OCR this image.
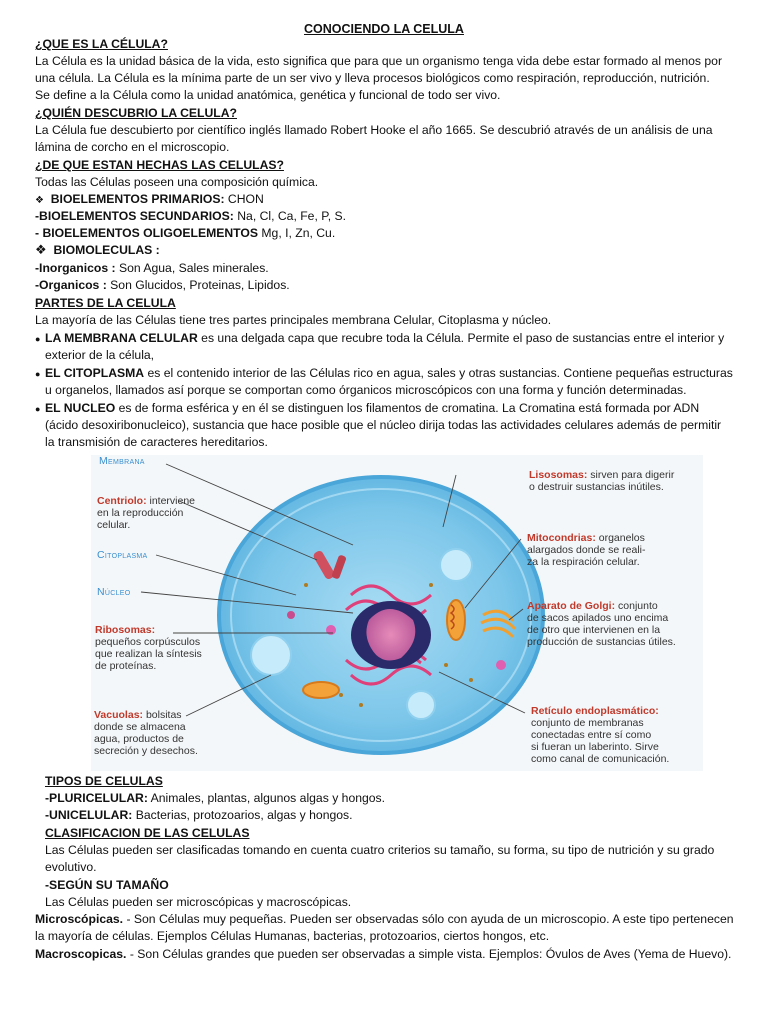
CONOCIENDO LA CELULA
¿QUE ES LA CÉLULA?
La Célula es la unidad básica de la vida, esto significa que para que un organismo tenga vida debe estar formado al menos por
una célula. La Célula es la mínima parte de un ser vivo y lleva procesos biológicos como respiración, reproducción, nutrición.
Se define a la Célula como la unidad anatómica, genética y funcional de todo ser vivo.
¿QUIÉN DESCUBRIO LA CELULA?
La Célula fue descubierto por científico inglés llamado Robert Hooke el año 1665. Se descubrió através de un análisis de una
lámina de corcho en el microscopio.
¿DE QUE ESTAN HECHAS LAS CELULAS?
Todas las Células poseen una composición química.
❖ BIOELEMENTOS PRIMARIOS: CHON
-BIOELEMENTOS SECUNDARIOS: Na, Cl, Ca, Fe, P, S.
- BIOELEMENTOS OLIGOELEMENTOS Mg, I, Zn, Cu.
❖ BIOMOLECULAS :
-Inorganicos : Son Agua, Sales minerales.
-Organicos : Son Glucidos, Proteinas, Lipidos.
PARTES DE LA CELULA
La mayoría de las Células tiene tres partes principales membrana Celular, Citoplasma y núcleo.
● LA MEMBRANA CELULAR es una delgada capa que recubre toda la Célula. Permite el paso de sustancias entre el interior y
exterior de la célula,
● EL CITOPLASMA es el contenido interior de las Células rico en agua, sales y otras sustancias. Contiene pequeñas estructuras
u organelos, llamados así porque se comportan como órganicos microscópicos con una forma y función determinadas.
● EL NUCLEO es de forma esférica y en él se distinguen los filamentos de cromatina. La Cromatina está formada por ADN
(ácido desoxiribonucleico), sustancia que hace posible que el núcleo dirija todas las actividades celulares además de permitir
la transmisión de caracteres hereditarios.
Membrana
Centriolo: interviene
en la reproducción
celular.
Citoplasma
Núcleo
Ribosomas:
pequeños corpúsculos
que realizan la síntesis
de proteínas.
Vacuolas: bolsitas
donde se almacena
agua, productos de
secreción y desechos.
Lisosomas: sirven para digerir
o destruir sustancias inútiles.
Mitocondrias: organelos
alargados donde se reali-
za la respiración celular.
Aparato de Golgi: conjunto
de sacos apilados uno encima
de otro que intervienen en la
producción de sustancias útiles.
Retículo endoplasmático:
conjunto de membranas
conectadas entre sí como
si fueran un laberinto. Sirve
como canal de comunicación.
TIPOS DE CELULAS
-PLURICELULAR: Animales, plantas, algunos algas y hongos.
-UNICELULAR: Bacterias, protozoarios, algas y hongos.
CLASIFICACION DE LAS CELULAS
Las Células pueden ser clasificadas tomando en cuenta cuatro criterios su tamaño, su forma, su tipo de nutrición y su grado
evolutivo.
-SEGÚN SU TAMAÑO
Las Células pueden ser microscópicas y macroscópicas.
Microscópicas. - Son Células muy pequeñas. Pueden ser observadas sólo con ayuda de un microscopio. A este tipo pertenecen
la mayoría de células. Ejemplos Células Humanas, bacterias, protozoarios, ciertos hongos, etc.
Macroscopicas. - Son Células grandes que pueden ser observadas a simple vista. Ejemplos: Óvulos de Aves (Yema de Huevo).
